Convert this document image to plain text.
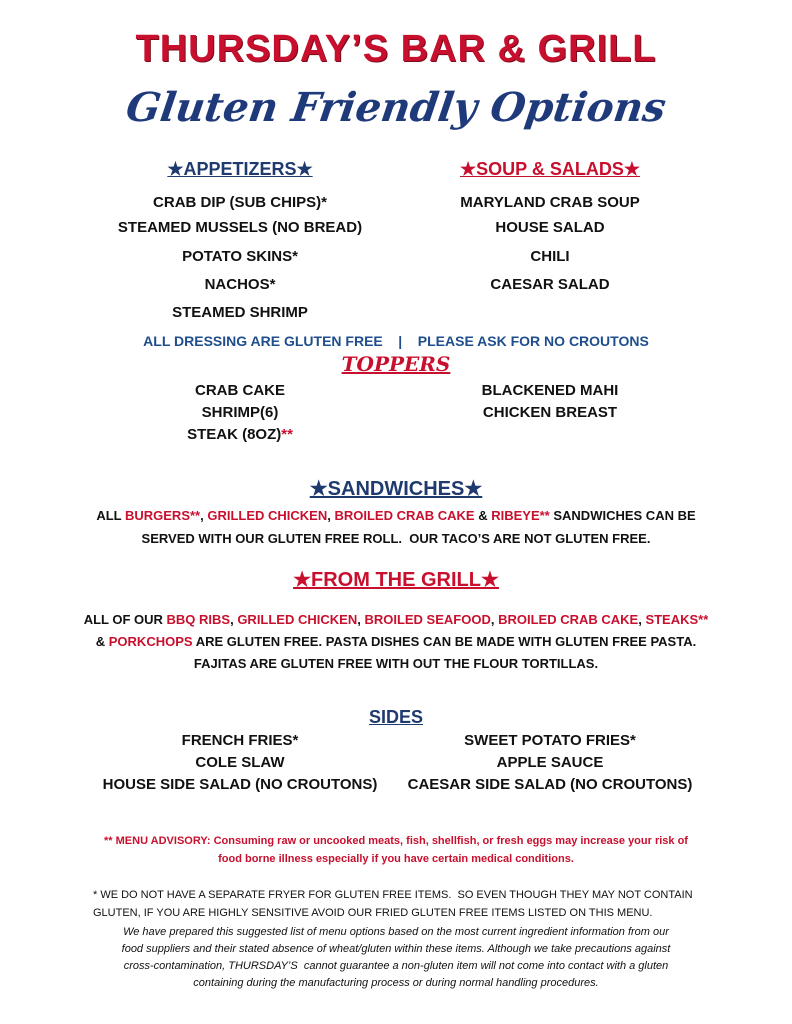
THURSDAY’S BAR & GRILL
Gluten Friendly Options
★APPETIZERS★
CRAB DIP (SUB CHIPS)*
STEAMED MUSSELS (NO BREAD)
POTATO SKINS*
NACHOS*
STEAMED SHRIMP
★SOUP & SALADS★
MARYLAND CRAB SOUP
HOUSE SALAD
CHILI
CAESAR SALAD
ALL DRESSING ARE GLUTEN FREE    |    PLEASE ASK FOR NO CROUTONS
TOPPERS
CRAB CAKE
SHRIMP(6)
STEAK (8OZ)**
BLACKENED MAHI
CHICKEN BREAST
★SANDWICHES★
ALL BURGERS**, GRILLED CHICKEN, BROILED CRAB CAKE & RIBEYE** SANDWICHES CAN BE
SERVED WITH OUR GLUTEN FREE ROLL.  OUR TACO’S ARE NOT GLUTEN FREE.
★FROM THE GRILL★
ALL OF OUR BBQ RIBS, GRILLED CHICKEN, BROILED SEAFOOD, BROILED CRAB CAKE, STEAKS**
& PORKCHOPS ARE GLUTEN FREE. PASTA DISHES CAN BE MADE WITH GLUTEN FREE PASTA.
FAJITAS ARE GLUTEN FREE WITH OUT THE FLOUR TORTILLAS.
SIDES
FRENCH FRIES*
COLE SLAW
HOUSE SIDE SALAD (NO CROUTONS)
SWEET POTATO FRIES*
APPLE SAUCE
CAESAR SIDE SALAD (NO CROUTONS)
** MENU ADVISORY: Consuming raw or uncooked meats, fish, shellfish, or fresh eggs may increase your risk of
food borne illness especially if you have certain medical conditions.
* WE DO NOT HAVE A SEPARATE FRYER FOR GLUTEN FREE ITEMS.  SO EVEN THOUGH THEY MAY NOT CONTAIN
GLUTEN, IF YOU ARE HIGHLY SENSITIVE AVOID OUR FRIED GLUTEN FREE ITEMS LISTED ON THIS MENU.
We have prepared this suggested list of menu options based on the most current ingredient information from our
food suppliers and their stated absence of wheat/gluten within these items. Although we take precautions against
cross-contamination, THURSDAY’S  cannot guarantee a non-gluten item will not come into contact with a gluten
containing during the manufacturing process or during normal handling procedures.
